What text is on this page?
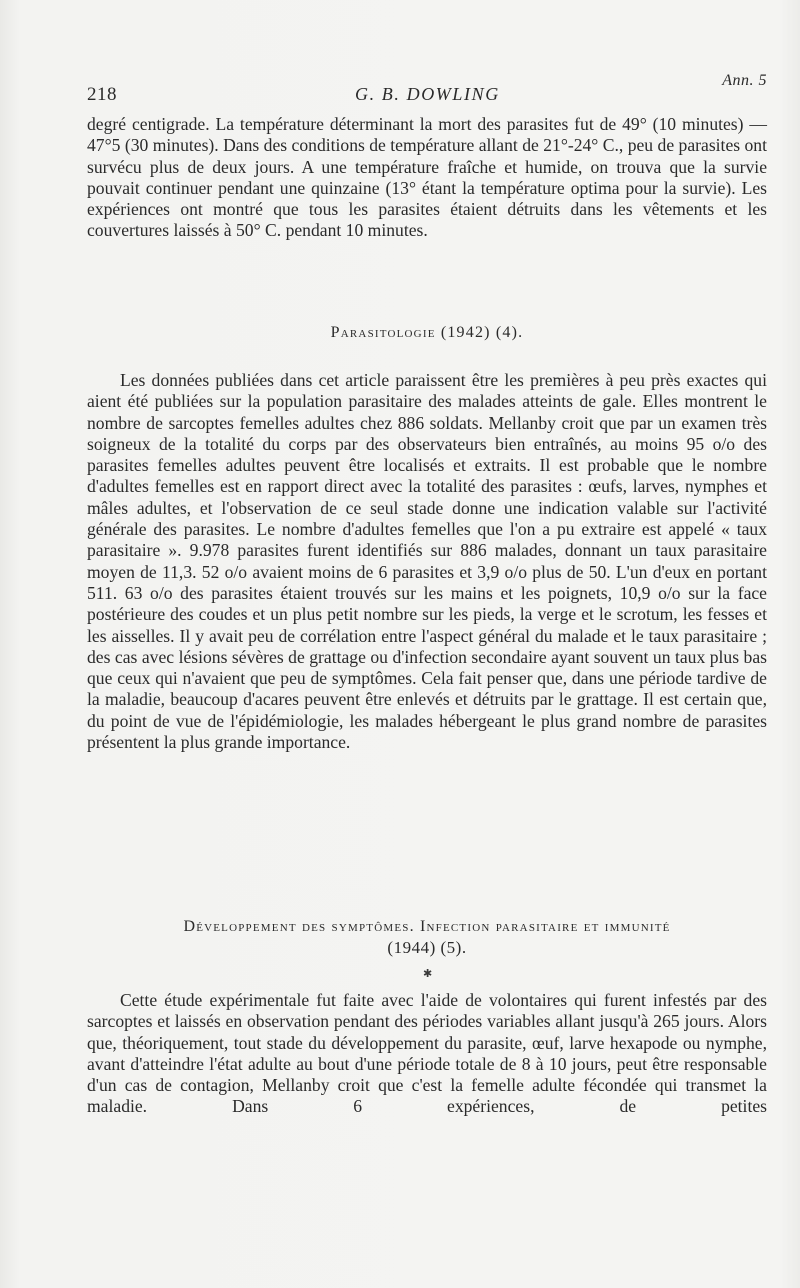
218	G. B. DOWLING
Ann. 5

degré centigrade. La température déterminant la mort des parasites fut de 49° (10 minutes) — 47°5 (30 minutes). Dans des conditions de température allant de 21°-24° C., peu de parasites ont survécu plus de deux jours. A une température fraîche et humide, on trouva que la survie pouvait continuer pendant une quinzaine (13° étant la température optima pour la survie). Les expériences ont montré que tous les parasites étaient détruits dans les vêtements et les couvertures laissés à 50° C. pendant 10 minutes.

Parasitologie (1942) (4).

Les données publiées dans cet article paraissent être les premières à peu près exactes qui aient été publiées sur la population parasitaire des malades atteints de gale. Elles montrent le nombre de sarcoptes femelles adultes chez 886 soldats. Mellanby croit que par un examen très soigneux de la totalité du corps par des observateurs bien entraînés, au moins 95 o/o des parasites femelles adultes peuvent être localisés et extraits. Il est probable que le nombre d'adultes femelles est en rapport direct avec la totalité des parasites : œufs, larves, nymphes et mâles adultes, et l'observation de ce seul stade donne une indication valable sur l'activité générale des parasites. Le nombre d'adultes femelles que l'on a pu extraire est appelé « taux parasitaire ». 9.978 parasites furent identifiés sur 886 malades, donnant un taux parasitaire moyen de 11,3. 52 o/o avaient moins de 6 parasites et 3,9 o/o plus de 50. L'un d'eux en portant 511. 63 o/o des parasites étaient trouvés sur les mains et les poignets, 10,9 o/o sur la face postérieure des coudes et un plus petit nombre sur les pieds, la verge et le scrotum, les fesses et les aisselles. Il y avait peu de corrélation entre l'aspect général du malade et le taux parasitaire ; des cas avec lésions sévères de grattage ou d'infection secondaire ayant souvent un taux plus bas que ceux qui n'avaient que peu de symptômes. Cela fait penser que, dans une période tardive de la maladie, beaucoup d'acares peuvent être enlevés et détruits par le grattage. Il est certain que, du point de vue de l'épidémiologie, les malades hébergeant le plus grand nombre de parasites présentent la plus grande importance.

Développement des symptômes. Infection parasitaire et immunité
(1944) (5).
✱

Cette étude expérimentale fut faite avec l'aide de volontaires qui furent infestés par des sarcoptes et laissés en observation pendant des périodes variables allant jusqu'à 265 jours. Alors que, théoriquement, tout stade du développement du parasite, œuf, larve hexapode ou nymphe, avant d'atteindre l'état adulte au bout d'une période totale de 8 à 10 jours, peut être responsable d'un cas de contagion, Mellanby croit que c'est la femelle adulte fécondée qui transmet la maladie. Dans 6 expériences, de petites
